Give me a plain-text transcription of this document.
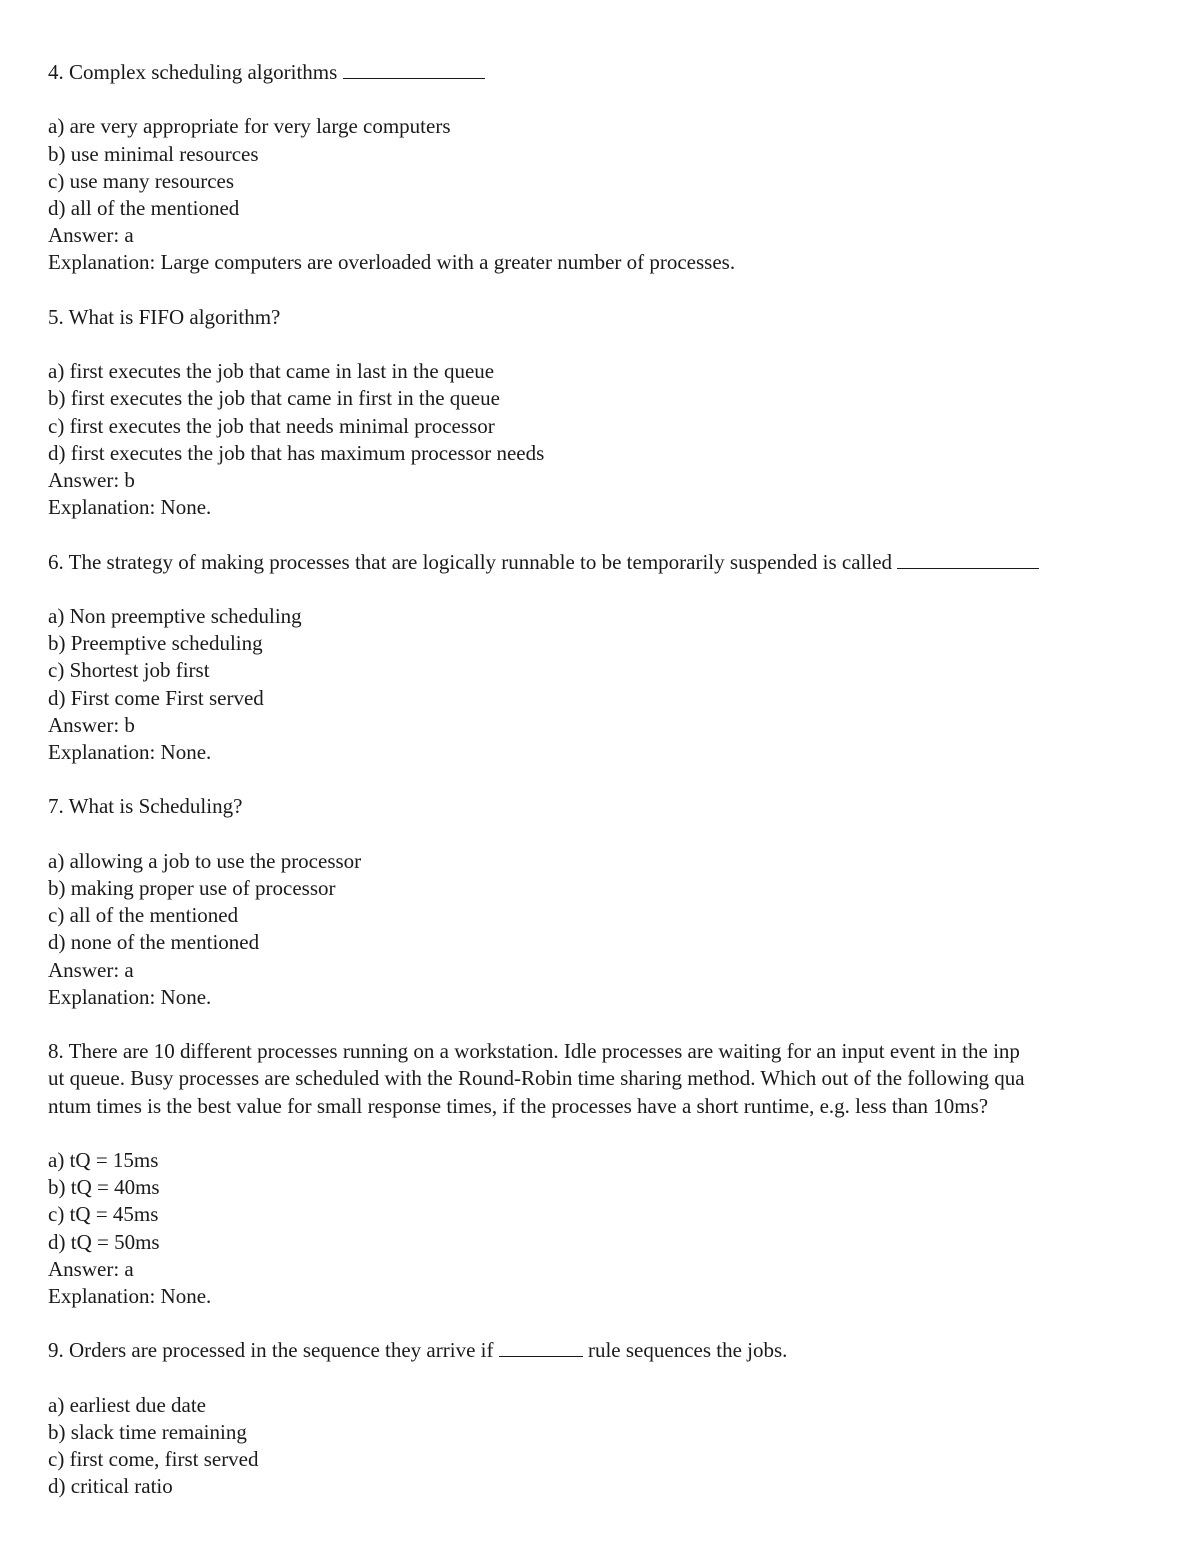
4. Complex scheduling algorithms

a) are very appropriate for very large computers

b) use minimal resources

c) use many resources

d) all of the mentioned

Answer: a

Explanation: Large computers are overloaded with a greater number of processes.

5. What is FIFO algorithm?

a) first executes the job that came in last in the queue

b) first executes the job that came in first in the queue

c) first executes the job that needs minimal processor

d) first executes the job that has maximum processor needs

Answer: b

Explanation: None.

6. The strategy of making processes that are logically runnable to be temporarily suspended is called

a) Non preemptive scheduling

b) Preemptive scheduling

c) Shortest job first

d) First come First served

Answer: b

Explanation: None.

7. What is Scheduling?

a) allowing a job to use the processor

b) making proper use of processor

c) all of the mentioned

d) none of the mentioned

Answer: a

Explanation: None.

8. There are 10 different processes running on a workstation. Idle processes are waiting for an input event in the inp

ut queue. Busy processes are scheduled with the Round-Robin time sharing method. Which out of the following qua

ntum times is the best value for small response times, if the processes have a short runtime, e.g. less than 10ms?

a) tQ = 15ms

b) tQ = 40ms

c) tQ = 45ms

d) tQ = 50ms

Answer: a

Explanation: None.

9. Orders are processed in the sequence they arrive if	rule sequences the jobs.

a) earliest due date

b) slack time remaining

c) first come, first served

d) critical ratio
